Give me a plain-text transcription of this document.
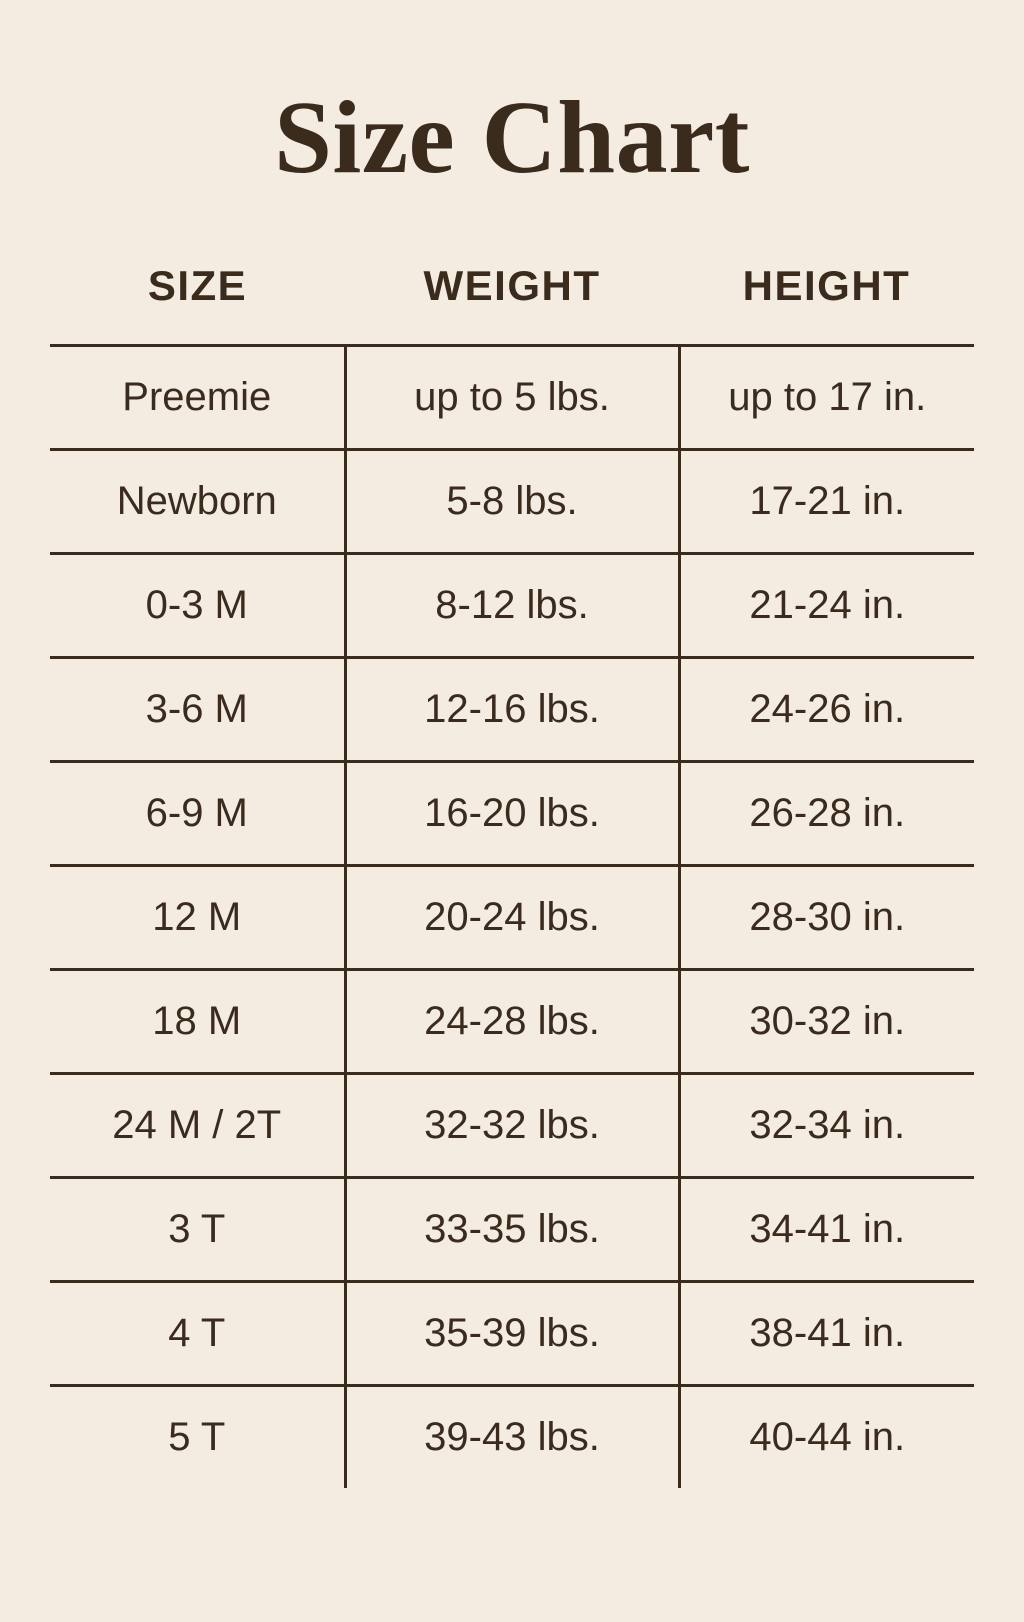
Size Chart
SIZE	WEIGHT	HEIGHT
Preemie	up to 5 lbs.	up to 17 in.
Newborn	5-8 lbs.	17-21 in.
0-3 M	8-12 lbs.	21-24 in.
3-6 M	12-16 lbs.	24-26 in.
6-9 M	16-20 lbs.	26-28 in.
12 M	20-24 lbs.	28-30 in.
18 M	24-28 lbs.	30-32 in.
24 M / 2T	32-32 lbs.	32-34 in.
3 T	33-35 lbs.	34-41 in.
4 T	35-39 lbs.	38-41 in.
5 T	39-43 lbs.	40-44 in.
